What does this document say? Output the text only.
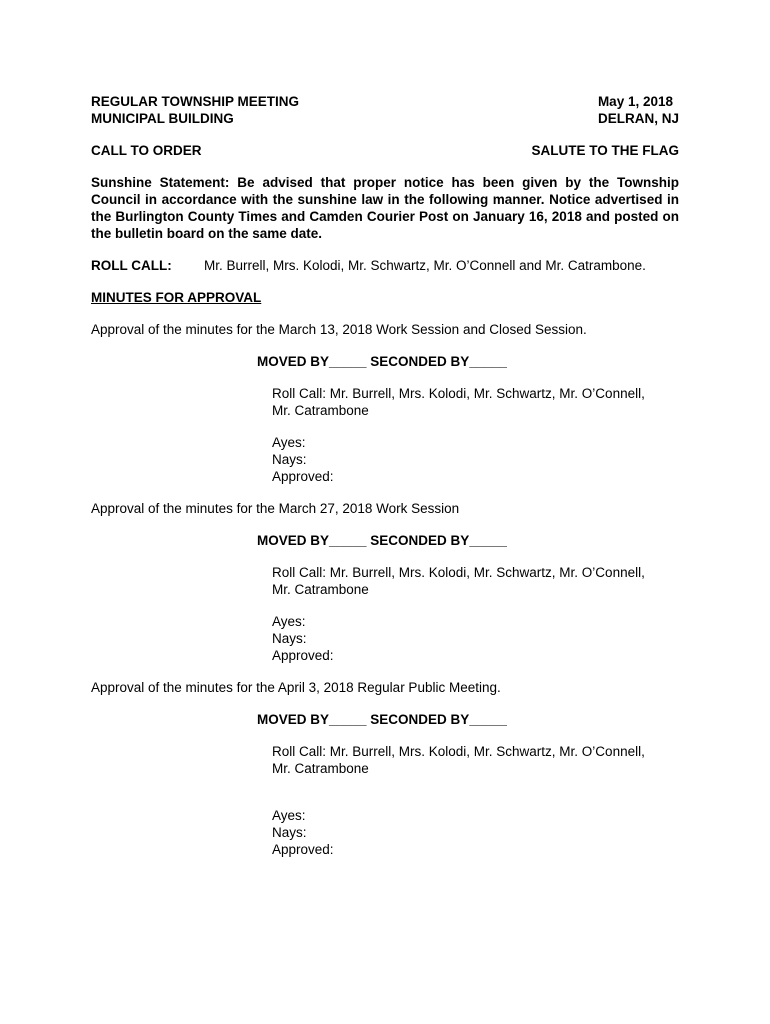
REGULAR TOWNSHIP MEETING	May 1, 2018
MUNICIPAL BUILDING	DELRAN, NJ
CALL TO ORDER	SALUTE TO THE FLAG
Sunshine Statement: Be advised that proper notice has been given by the Township Council in accordance with the sunshine law in the following manner. Notice advertised in the Burlington County Times and Camden Courier Post on January 16, 2018 and posted on the bulletin board on the same date.
ROLL CALL:	Mr. Burrell, Mrs. Kolodi, Mr. Schwartz, Mr. O’Connell and Mr. Catrambone.
MINUTES FOR APPROVAL
Approval of the minutes for the March 13, 2018 Work Session and Closed Session.
MOVED BY_____ SECONDED BY_____
Roll Call: Mr. Burrell, Mrs. Kolodi, Mr. Schwartz, Mr. O’Connell,
Mr. Catrambone
Ayes:
Nays:
Approved:
Approval of the minutes for the March 27, 2018 Work Session
MOVED BY_____ SECONDED BY_____
Roll Call: Mr. Burrell, Mrs. Kolodi, Mr. Schwartz, Mr. O’Connell,
Mr. Catrambone
Ayes:
Nays:
Approved:
Approval of the minutes for the April 3, 2018 Regular Public Meeting.
MOVED BY_____ SECONDED BY_____
Roll Call: Mr. Burrell, Mrs. Kolodi, Mr. Schwartz, Mr. O’Connell,
Mr. Catrambone
Ayes:
Nays:
Approved:
